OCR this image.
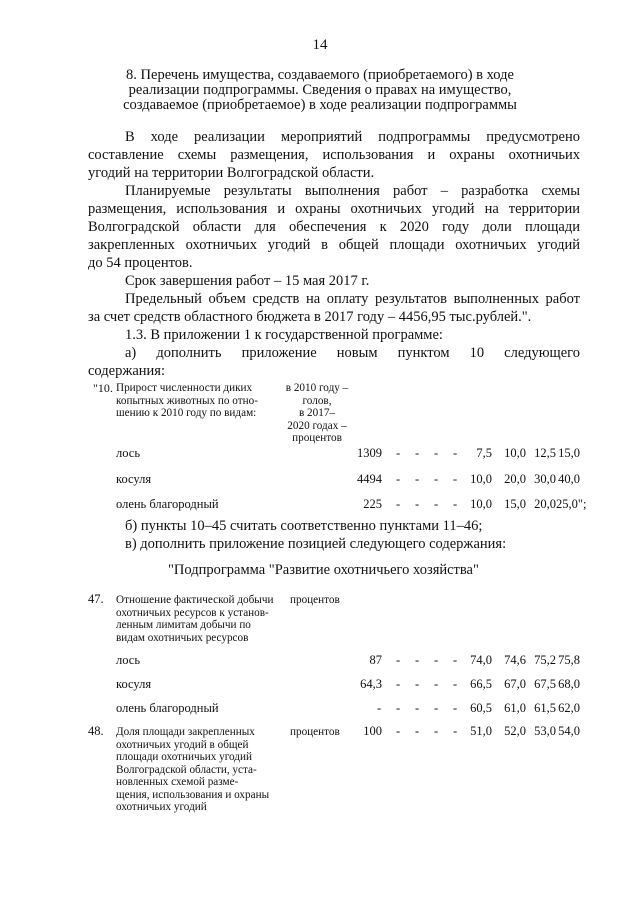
14
8. Перечень имущества, создаваемого (приобретаемого) в ходе
реализации подпрограммы. Сведения о правах на имущество,
создаваемое (приобретаемое) в ходе реализации подпрограммы
В ходе реализации мероприятий подпрограммы предусмотрено
составление схемы размещения, использования и охраны охотничьих
угодий на территории Волгоградской области.
Планируемые результаты выполнения работ – разработка схемы
размещения, использования и охраны охотничьих угодий на территории
Волгоградской области для обеспечения к 2020 году доли площади
закрепленных охотничьих угодий в общей площади охотничьих угодий
до 54 процентов.
Срок завершения работ – 15 мая 2017 г.
Предельный объем средств на оплату результатов выполненных работ
за счет средств областного бюджета в 2017 году – 4456,95 тыс.рублей.".
1.3. В приложении 1 к государственной программе:
а) дополнить приложение новым пунктом 10 следующего
содержания:
"10. Прирост численности диких
копытных животных по отно-
шению к 2010 году по видам:
в 2010 году –
голов,
в 2017–
2020 годах –
процентов
лось	1309 - - - -	7,5 10,0 12,5 15,0
косуля	4494 - - - -	10,0 20,0 30,0 40,0
олень благородный	225 - - - -	10,0 15,0 20,0 25,0";
б) пункты 10–45 считать соответственно пунктами 11–46;
в) дополнить приложение позицией следующего содержания:
"Подпрограмма "Развитие охотничьего хозяйства"
47. Отношение фактической добычи
охотничьих ресурсов к установ-
ленным лимитам добычи по
видам охотничьих ресурсов
процентов
лось	87 - - - -	74,0 74,6 75,2 75,8
косуля	64,3 - - - -	66,5 67,0 67,5 68,0
олень благородный	- - - - -	60,5 61,0 61,5 62,0
48. Доля площади закрепленных
охотничьих угодий в общей
площади охотничьих угодий
Волгоградской области, уста-
новленных схемой разме-
щения, использования и охраны
охотничьих угодий
процентов	100 - - - -	51,0 52,0 53,0 54,0
